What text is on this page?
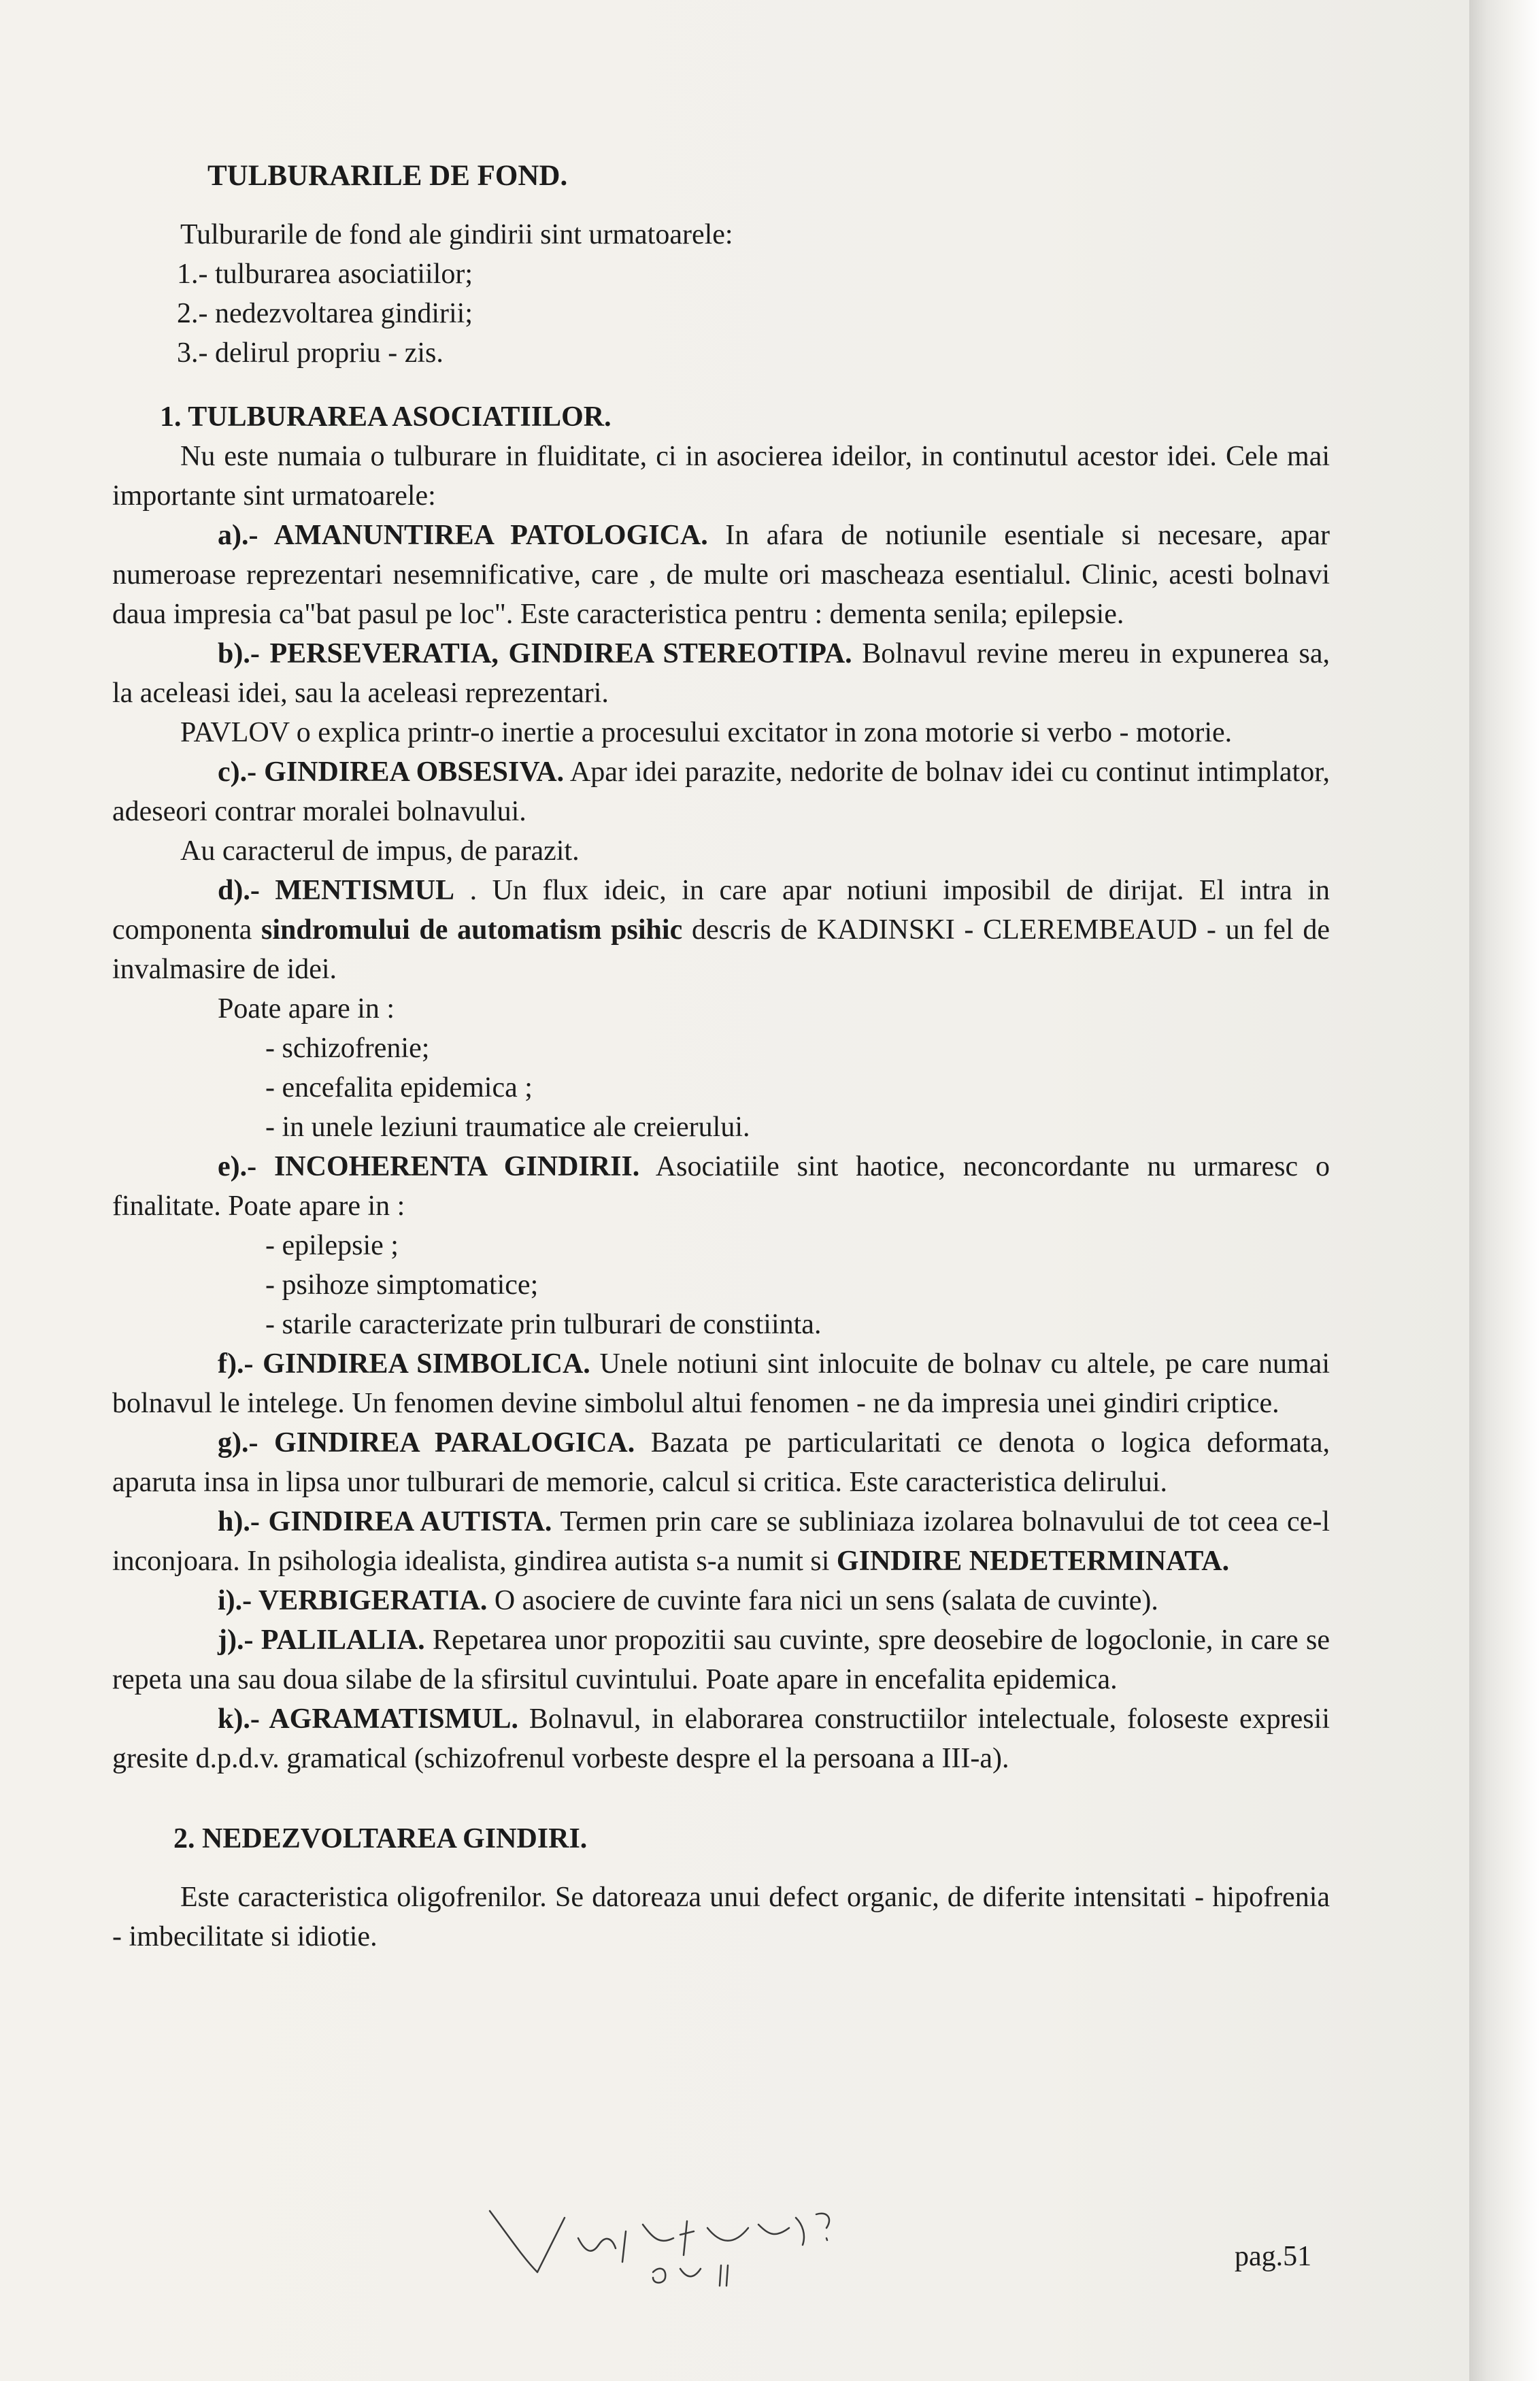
TULBURARILE DE FOND.

Tulburarile de fond ale gindirii sint urmatoarele:

1.- tulburarea asociatiilor;

2.- nedezvoltarea gindirii;

3.- delirul propriu - zis.

1. TULBURAREA ASOCIATIILOR.

Nu este numaia o tulburare in fluiditate, ci in asocierea ideilor, in continutul acestor idei. Cele mai importante sint urmatoarele:

a).- AMANUNTIREA PATOLOGICA. In afara de notiunile esentiale si necesare, apar numeroase reprezentari nesemnificative, care , de multe ori mascheaza esentialul. Clinic, acesti bolnavi daua impresia ca"bat pasul pe loc". Este caracteristica pentru : dementa senila; epilepsie.

b).- PERSEVERATIA, GINDIREA STEREOTIPA. Bolnavul revine mereu in expunerea sa, la aceleasi idei, sau la aceleasi reprezentari.

PAVLOV o explica printr-o inertie a procesului excitator in zona motorie si verbo - motorie.

c).- GINDIREA OBSESIVA. Apar idei parazite, nedorite de bolnav idei cu continut intimplator, adeseori contrar moralei bolnavului.

Au caracterul de impus, de parazit.

d).- MENTISMUL . Un flux ideic, in care apar notiuni imposibil de dirijat. El intra in componenta sindromului de automatism psihic descris de KADINSKI - CLEREMBEAUD - un fel de invalmasire de idei.

Poate apare in :

- schizofrenie;

- encefalita epidemica ;

- in unele leziuni traumatice ale creierului.

e).- INCOHERENTA GINDIRII. Asociatiile sint haotice, neconcordante nu urmaresc o finalitate. Poate apare in :

- epilepsie ;

- psihoze simptomatice;

- starile caracterizate prin tulburari de constiinta.

f).- GINDIREA SIMBOLICA. Unele notiuni sint inlocuite de bolnav cu altele, pe care numai bolnavul le intelege. Un fenomen devine simbolul altui fenomen - ne da impresia unei gindiri criptice.

g).- GINDIREA PARALOGICA. Bazata pe particularitati ce denota o logica deformata, aparuta insa in lipsa unor tulburari de memorie, calcul si critica. Este caracteristica delirului.

h).- GINDIREA AUTISTA. Termen prin care se subliniaza izolarea bolnavului de tot ceea ce-l inconjoara. In psihologia idealista, gindirea autista s-a numit si GINDIRE NEDETERMINATA.

i).- VERBIGERATIA. O asociere de cuvinte fara nici un sens (salata de cuvinte).

j).- PALILALIA. Repetarea unor propozitii sau cuvinte, spre deosebire de logoclonie, in care se repeta una sau doua silabe de la sfirsitul cuvintului. Poate apare in encefalita epidemica.

k).- AGRAMATISMUL. Bolnavul, in elaborarea constructiilor intelectuale, foloseste expresii gresite d.p.d.v. gramatical (schizofrenul vorbeste despre el la persoana a III-a).

2. NEDEZVOLTAREA GINDIRI.

Este caracteristica oligofrenilor. Se datoreaza unui defect organic, de diferite intensitati - hipofrenia - imbecilitate si idiotie.

pag.51
